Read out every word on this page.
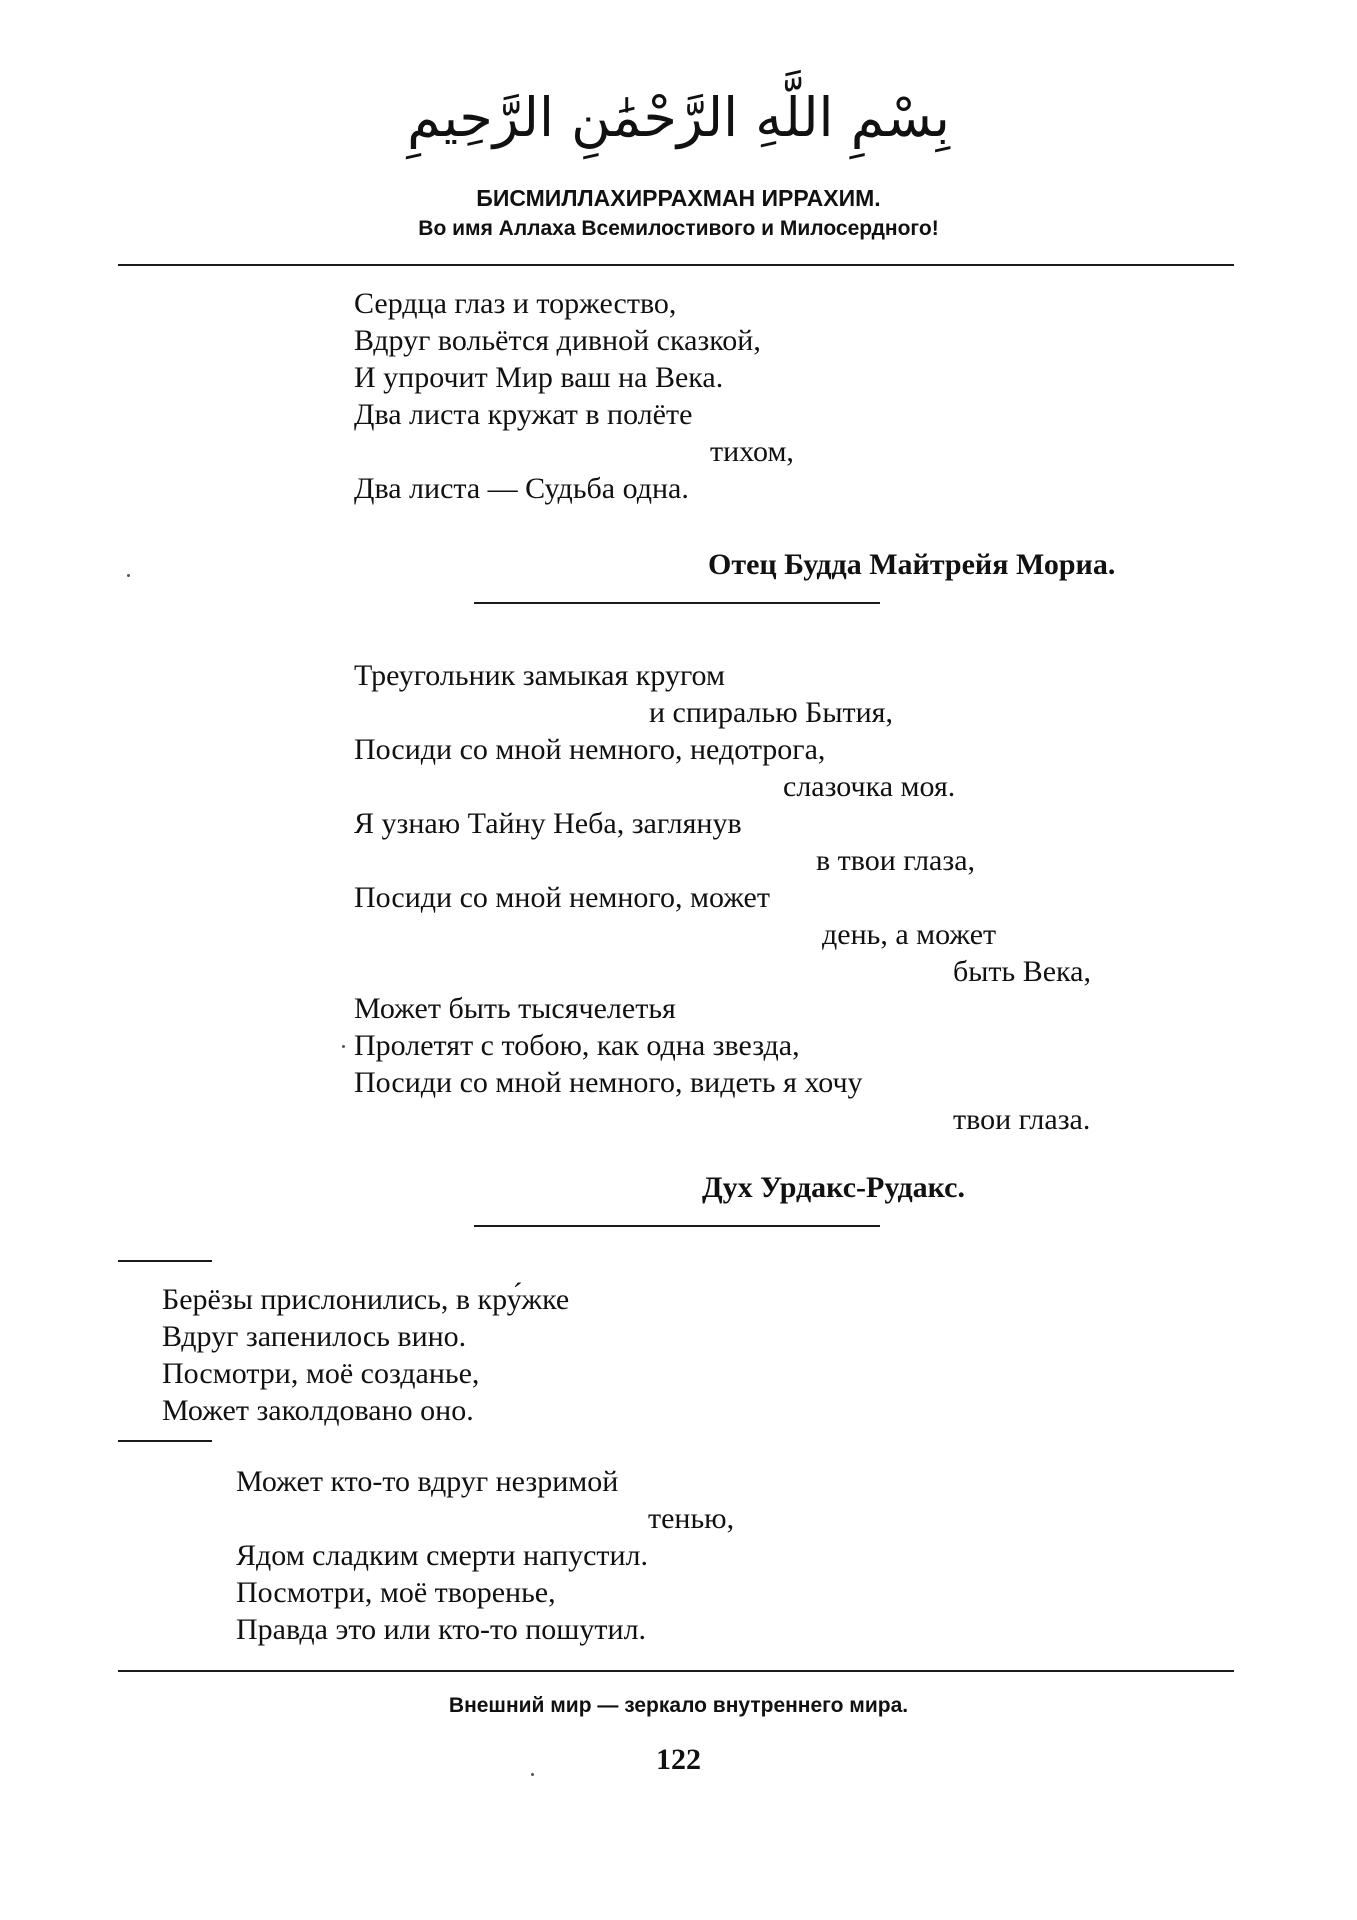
بِسْمِ اللَّهِ الرَّحْمَٰنِ الرَّحِيمِ
БИСМИЛЛАХИРРАХМАН ИРРАХИМ.
Во имя Аллаха Всемилостивого и Милосердного!
Сердца глаз и торжество,
Вдруг вольётся дивной сказкой,
И упрочит Мир ваш на Века.
Два листа кружат в полёте
тихом,
Два листа — Судьба одна.
Отец Будда Майтрейя Мориа.
Треугольник замыкая кругом
и спиралью Бытия,
Посиди со мной немного, недотрога,
слазочка моя.
Я узнаю Тайну Неба, заглянув
в твои глаза,
Посиди со мной немного, может
день, а может
быть Века,
Может быть тысячелетья
Пролетят с тобою, как одна звезда,
Посиди со мной немного, видеть я хочу
твои глаза.
Дух Урдакс-Рудакс.
Берёзы прислонились, в кру́жке
Вдруг запенилось вино.
Посмотри, моё созданье,
Может заколдовано оно.
Может кто-то вдруг незримой
тенью,
Ядом сладким смерти напустил.
Посмотри, моё творенье,
Правда это или кто-то пошутил.
Внешний мир — зеркало внутреннего мира.
122
